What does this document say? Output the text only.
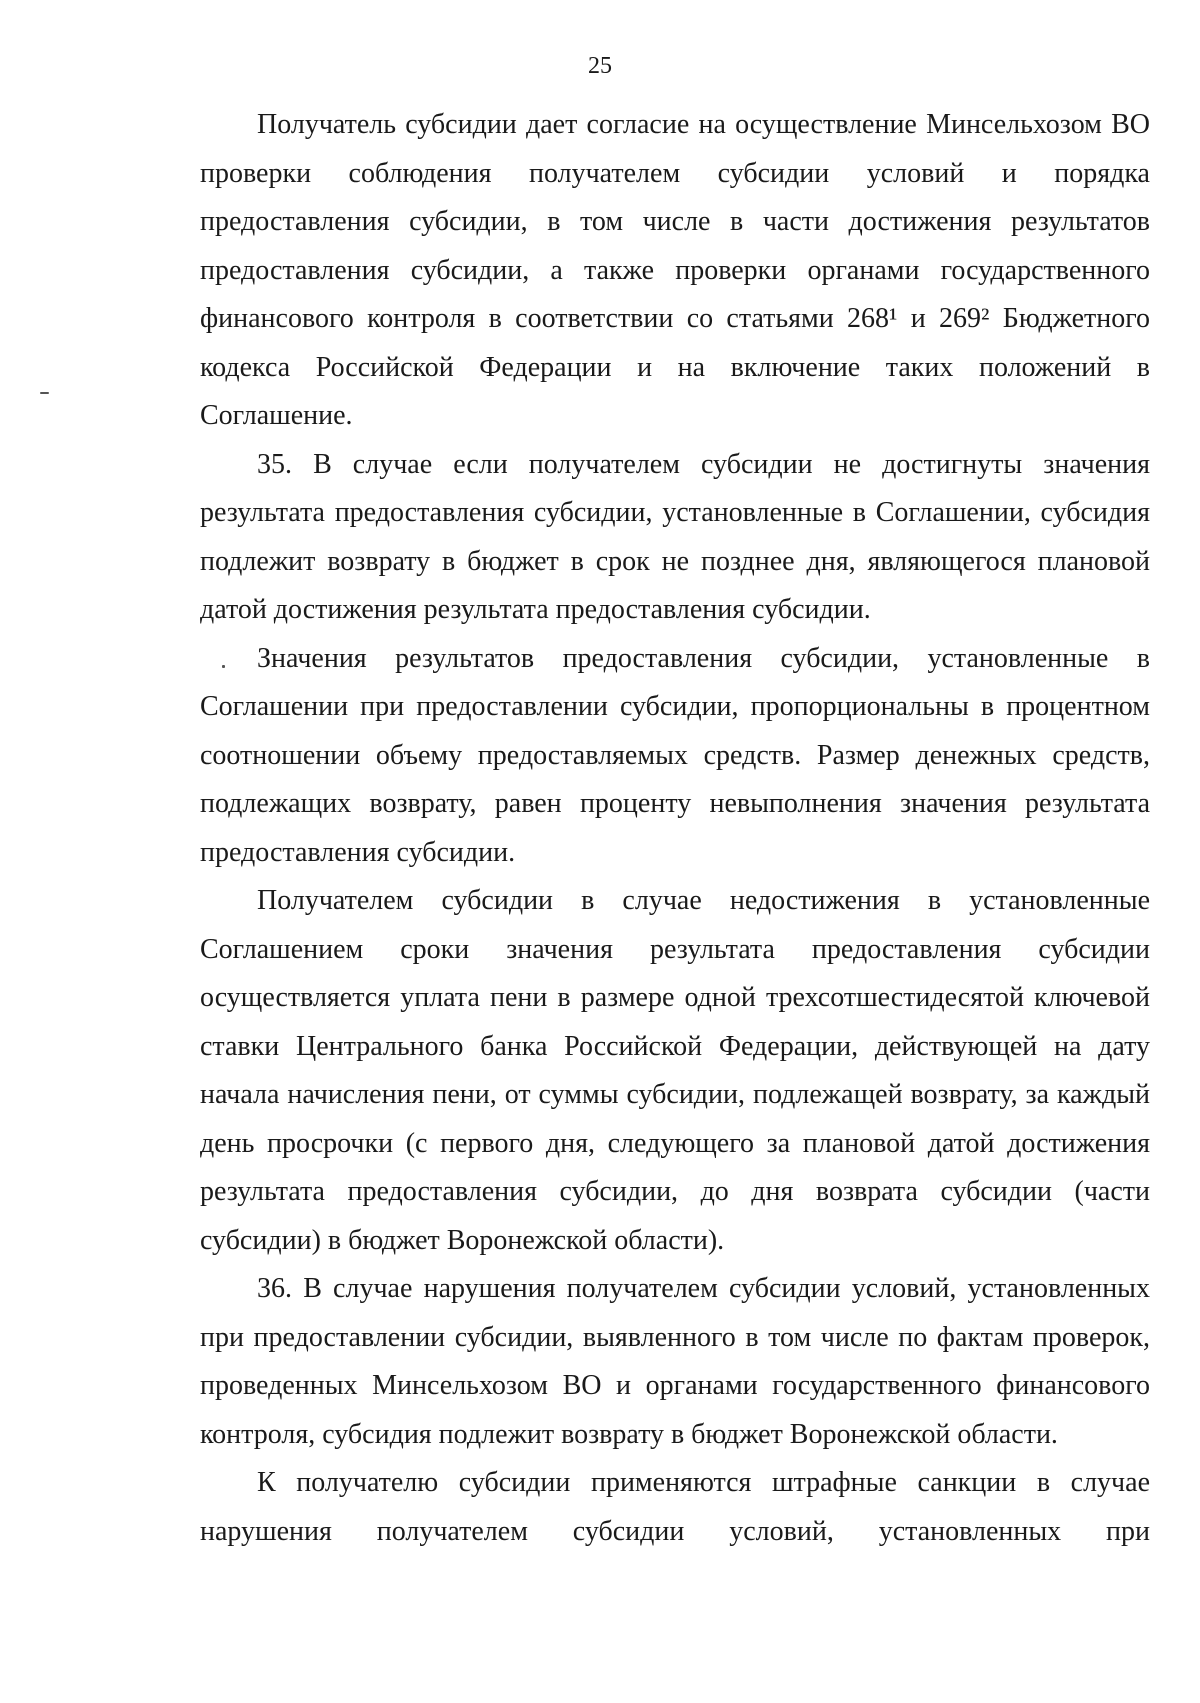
25

Получатель субсидии дает согласие на осуществление Минсельхозом ВО проверки соблюдения получателем субсидии условий и порядка предоставления субсидии, в том числе в части достижения результатов предоставления субсидии, а также проверки органами государственного финансового контроля в соответствии со статьями 268¹ и 269² Бюджетного кодекса Российской Федерации и на включение таких положений в Соглашение.

35. В случае если получателем субсидии не достигнуты значения результата предоставления субсидии, установленные в Соглашении, субсидия подлежит возврату в бюджет в срок не позднее дня, являющегося плановой датой достижения результата предоставления субсидии.

Значения результатов предоставления субсидии, установленные в Соглашении при предоставлении субсидии, пропорциональны в процентном соотношении объему предоставляемых средств. Размер денежных средств, подлежащих возврату, равен проценту невыполнения значения результата предоставления субсидии.

Получателем субсидии в случае недостижения в установленные Соглашением сроки значения результата предоставления субсидии осуществляется уплата пени в размере одной трехсотшестидесятой ключевой ставки Центрального банка Российской Федерации, действующей на дату начала начисления пени, от суммы субсидии, подлежащей возврату, за каждый день просрочки (с первого дня, следующего за плановой датой достижения результата предоставления субсидии, до дня возврата субсидии (части субсидии) в бюджет Воронежской области).

36. В случае нарушения получателем субсидии условий, установленных при предоставлении субсидии, выявленного в том числе по фактам проверок, проведенных Минсельхозом ВО и органами государственного финансового контроля, субсидия подлежит возврату в бюджет Воронежской области.

К получателю субсидии применяются штрафные санкции в случае нарушения получателем субсидии условий, установленных при
